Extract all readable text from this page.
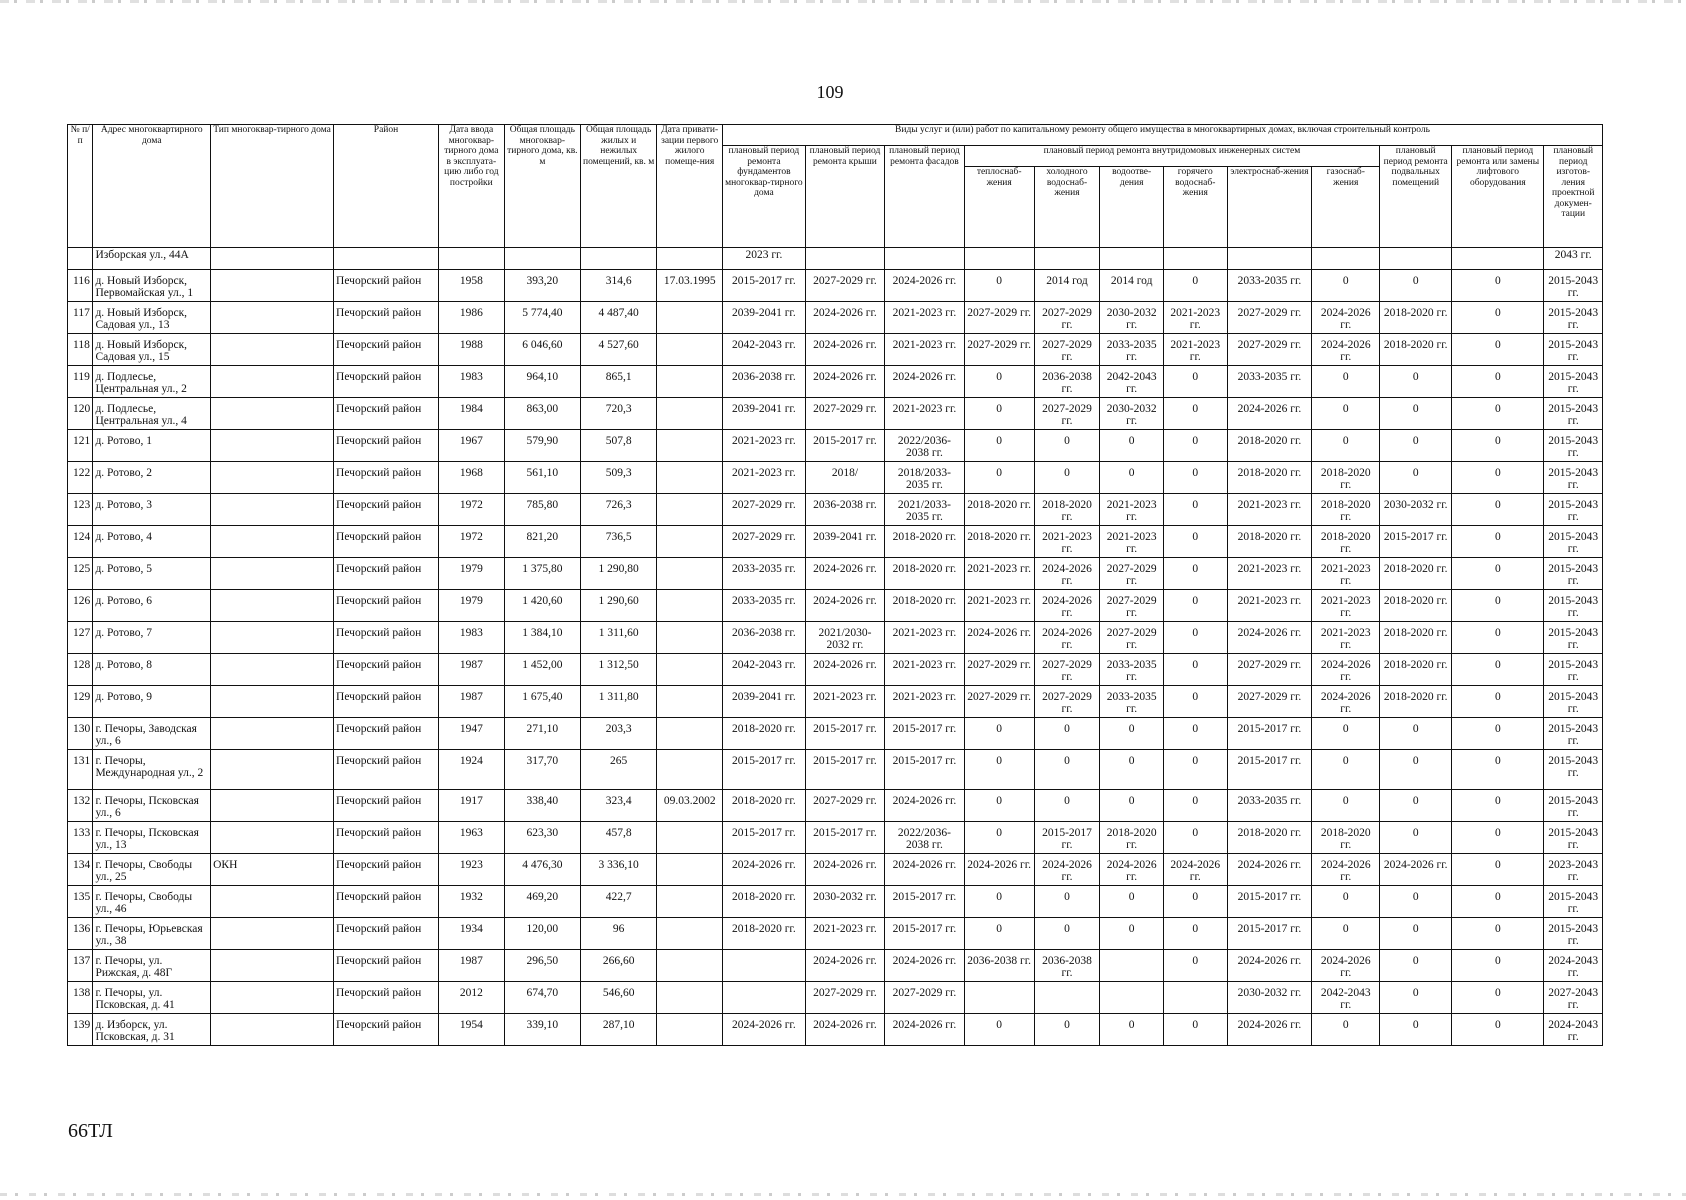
109
№ п/п	Адрес многоквартирного дома	Тип многоквар-тирного дома	Район	Дата ввода многоквар-тирного дома в эксплуата-цию либо год постройки	Общая площадь многоквар-тирного дома, кв. м	Общая площадь жилых и нежилых помещений, кв. м	Дата привати-зации первого жилого помеще-ния	Виды услуг и (или) работ по капитальному ремонту общего имущества в многоквартирных домах, включая строительный контроль											
								плановый период ремонта фундаментов многоквар-тирного дома	плановый период ремонта крыши	плановый период ремонта фасадов	плановый период ремонта внутридомовых инженерных систем						плановый период ремонта подвальных помещений	плановый период ремонта или замены лифтового оборудования	плановый период изготов-ления проектной докумен-тации
											теплоснаб-жения	холодного водоснаб-жения	водоотве-дения	горячего водоснаб-жения	электроснаб-жения	газоснаб-жения			
	Изборская ул., 44А							2023 гг.											2043 гг.
116	д. Новый Изборск, Первомайская ул., 1		Печорский район	1958	393,20	314,6	17.03.1995	2015-2017 гг.	2027-2029 гг.	2024-2026 гг.	0	2014 год	2014 год	0	2033-2035 гг.	0	0	0	2015-2043 гг.
117	д. Новый Изборск, Садовая ул., 13		Печорский район	1986	5 774,40	4 487,40		2039-2041 гг.	2024-2026 гг.	2021-2023 гг.	2027-2029 гг.	2027-2029 гг.	2030-2032 гг.	2021-2023 гг.	2027-2029 гг.	2024-2026 гг.	2018-2020 гг.	0	2015-2043 гг.
118	д. Новый Изборск, Садовая ул., 15		Печорский район	1988	6 046,60	4 527,60		2042-2043 гг.	2024-2026 гг.	2021-2023 гг.	2027-2029 гг.	2027-2029 гг.	2033-2035 гг.	2021-2023 гг.	2027-2029 гг.	2024-2026 гг.	2018-2020 гг.	0	2015-2043 гг.
119	д. Подлесье, Центральная ул., 2		Печорский район	1983	964,10	865,1		2036-2038 гг.	2024-2026 гг.	2024-2026 гг.	0	2036-2038 гг.	2042-2043 гг.	0	2033-2035 гг.	0	0	0	2015-2043 гг.
120	д. Подлесье, Центральная ул., 4		Печорский район	1984	863,00	720,3		2039-2041 гг.	2027-2029 гг.	2021-2023 гг.	0	2027-2029 гг.	2030-2032 гг.	0	2024-2026 гг.	0	0	0	2015-2043 гг.
121	д. Ротово, 1		Печорский район	1967	579,90	507,8		2021-2023 гг.	2015-2017 гг.	2022/2036-2038 гг.	0	0	0	0	2018-2020 гг.	0	0	0	2015-2043 гг.
122	д. Ротово, 2		Печорский район	1968	561,10	509,3		2021-2023 гг.	2018/	2018/2033-2035 гг.	0	0	0	0	2018-2020 гг.	2018-2020 гг.	0	0	2015-2043 гг.
123	д. Ротово, 3		Печорский район	1972	785,80	726,3		2027-2029 гг.	2036-2038 гг.	2021/2033-2035 гг.	2018-2020 гг.	2018-2020 гг.	2021-2023 гг.	0	2021-2023 гг.	2018-2020 гг.	2030-2032 гг.	0	2015-2043 гг.
124	д. Ротово, 4		Печорский район	1972	821,20	736,5		2027-2029 гг.	2039-2041 гг.	2018-2020 гг.	2018-2020 гг.	2021-2023 гг.	2021-2023 гг.	0	2018-2020 гг.	2018-2020 гг.	2015-2017 гг.	0	2015-2043 гг.
125	д. Ротово, 5		Печорский район	1979	1 375,80	1 290,80		2033-2035 гг.	2024-2026 гг.	2018-2020 гг.	2021-2023 гг.	2024-2026 гг.	2027-2029 гг.	0	2021-2023 гг.	2021-2023 гг.	2018-2020 гг.	0	2015-2043 гг.
126	д. Ротово, 6		Печорский район	1979	1 420,60	1 290,60		2033-2035 гг.	2024-2026 гг.	2018-2020 гг.	2021-2023 гг.	2024-2026 гг.	2027-2029 гг.	0	2021-2023 гг.	2021-2023 гг.	2018-2020 гг.	0	2015-2043 гг.
127	д. Ротово, 7		Печорский район	1983	1 384,10	1 311,60		2036-2038 гг.	2021/2030-2032 гг.	2021-2023 гг.	2024-2026 гг.	2024-2026 гг.	2027-2029 гг.	0	2024-2026 гг.	2021-2023 гг.	2018-2020 гг.	0	2015-2043 гг.
128	д. Ротово, 8		Печорский район	1987	1 452,00	1 312,50		2042-2043 гг.	2024-2026 гг.	2021-2023 гг.	2027-2029 гг.	2027-2029 гг.	2033-2035 гг.	0	2027-2029 гг.	2024-2026 гг.	2018-2020 гг.	0	2015-2043 гг.
129	д. Ротово, 9		Печорский район	1987	1 675,40	1 311,80		2039-2041 гг.	2021-2023 гг.	2021-2023 гг.	2027-2029 гг.	2027-2029 гг.	2033-2035 гг.	0	2027-2029 гг.	2024-2026 гг.	2018-2020 гг.	0	2015-2043 гг.
130	г. Печоры, Заводская ул., 6		Печорский район	1947	271,10	203,3		2018-2020 гг.	2015-2017 гг.	2015-2017 гг.	0	0	0	0	2015-2017 гг.	0	0	0	2015-2043 гг.
131	г. Печоры, Международная ул., 2		Печорский район	1924	317,70	265		2015-2017 гг.	2015-2017 гг.	2015-2017 гг.	0	0	0	0	2015-2017 гг.	0	0	0	2015-2043 гг.
132	г. Печоры, Псковская ул., 6		Печорский район	1917	338,40	323,4	09.03.2002	2018-2020 гг.	2027-2029 гг.	2024-2026 гг.	0	0	0	0	2033-2035 гг.	0	0	0	2015-2043 гг.
133	г. Печоры, Псковская ул., 13		Печорский район	1963	623,30	457,8		2015-2017 гг.	2015-2017 гг.	2022/2036-2038 гг.	0	2015-2017 гг.	2018-2020 гг.	0	2018-2020 гг.	2018-2020 гг.	0	0	2015-2043 гг.
134	г. Печоры, Свободы ул., 25	ОКН	Печорский район	1923	4 476,30	3 336,10		2024-2026 гг.	2024-2026 гг.	2024-2026 гг.	2024-2026 гг.	2024-2026 гг.	2024-2026 гг.	2024-2026 гг.	2024-2026 гг.	2024-2026 гг.	2024-2026 гг.	0	2023-2043 гг.
135	г. Печоры, Свободы ул., 46		Печорский район	1932	469,20	422,7		2018-2020 гг.	2030-2032 гг.	2015-2017 гг.	0	0	0	0	2015-2017 гг.	0	0	0	2015-2043 гг.
136	г. Печоры, Юрьевская ул., 38		Печорский район	1934	120,00	96		2018-2020 гг.	2021-2023 гг.	2015-2017 гг.	0	0	0	0	2015-2017 гг.	0	0	0	2015-2043 гг.
137	г. Печоры, ул. Рижская, д. 48Г		Печорский район	1987	296,50	266,60			2024-2026 гг.	2024-2026 гг.	2036-2038 гг.	2036-2038 гг.		0	2024-2026 гг.	2024-2026 гг.	0	0	2024-2043 гг.
138	г. Печоры, ул. Псковская, д. 41		Печорский район	2012	674,70	546,60			2027-2029 гг.	2027-2029 гг.					2030-2032 гг.	2042-2043 гг.	0	0	2027-2043 гг.
139	д. Изборск, ул. Псковская, д. 31		Печорский район	1954	339,10	287,10		2024-2026 гг.	2024-2026 гг.	2024-2026 гг.	0	0	0	0	2024-2026 гг.	0	0	0	2024-2043 гг.
66ТЛ
